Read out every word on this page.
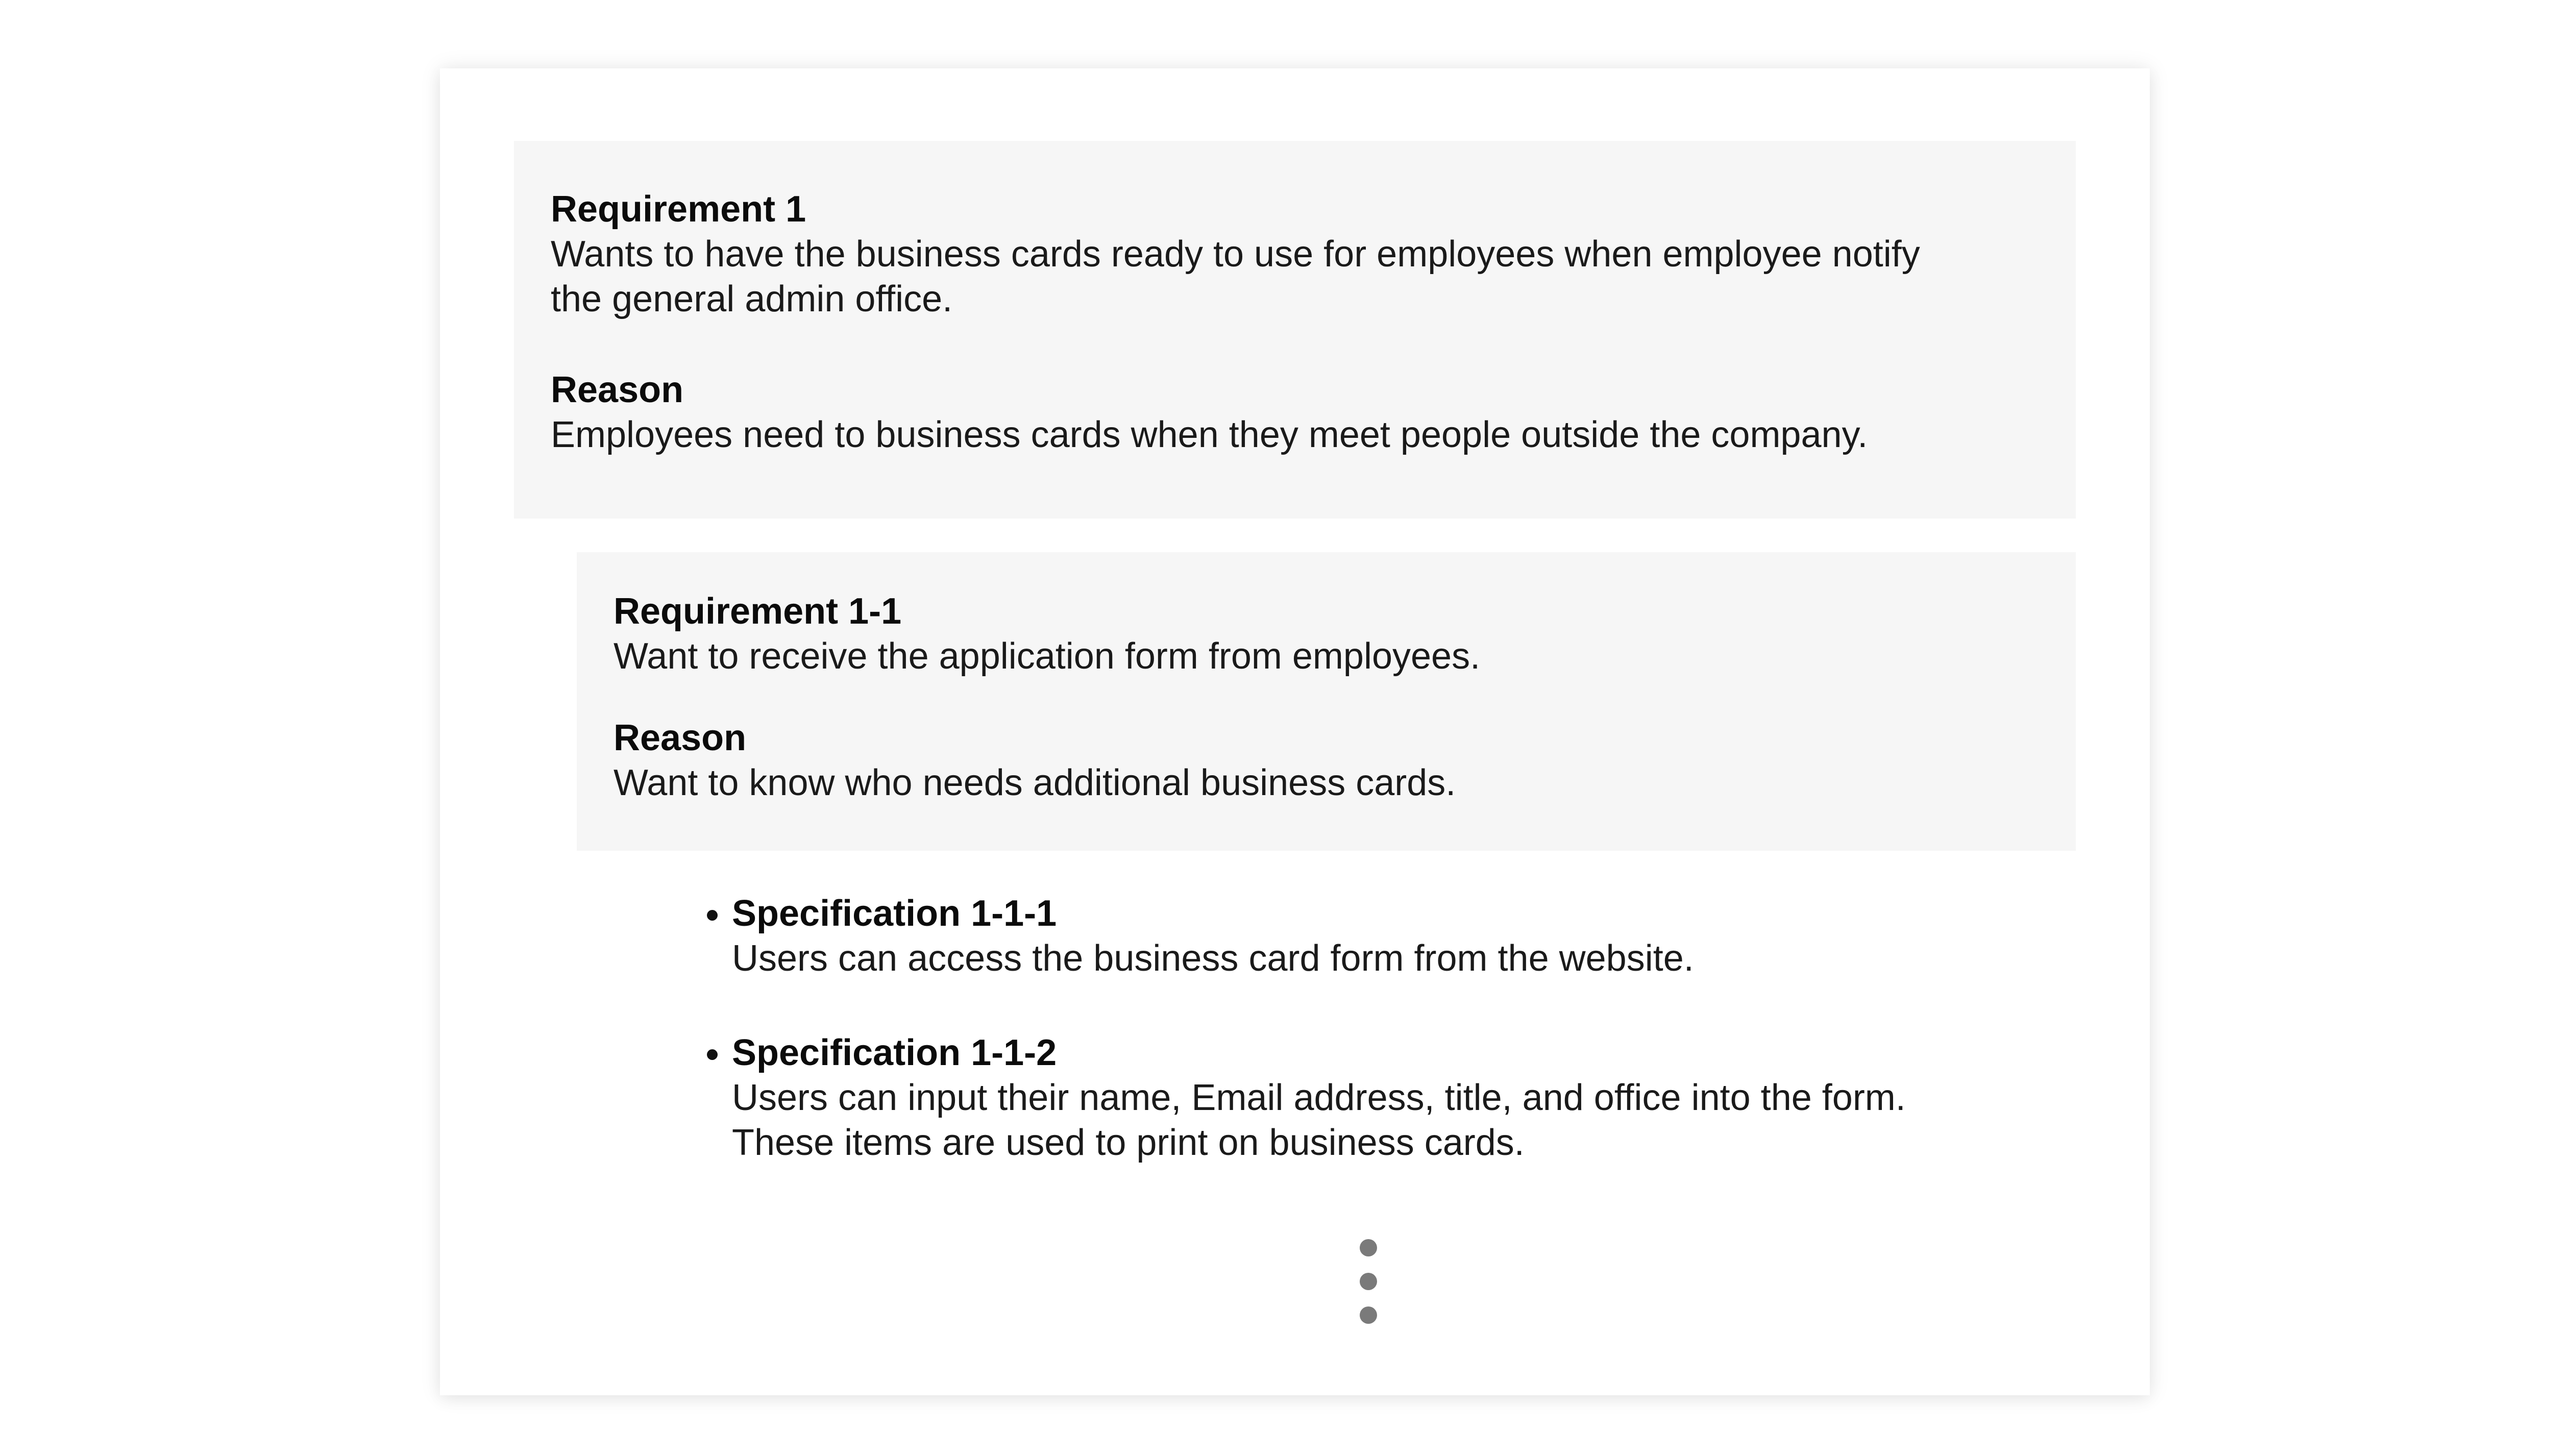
Requirement 1

Wants to have the business cards ready to use for employees when employee notify

the general admin office.

Reason

Employees need to business cards when they meet people outside the company.

Requirement 1-1

Want to receive the application form from employees.

Reason

Want to know who needs additional business cards.

• Specification 1-1-1

Users can access the business card form from the website.

• Specification 1-1-2

Users can input their name, Email address, title, and office into the form.

These items are used to print on business cards.
